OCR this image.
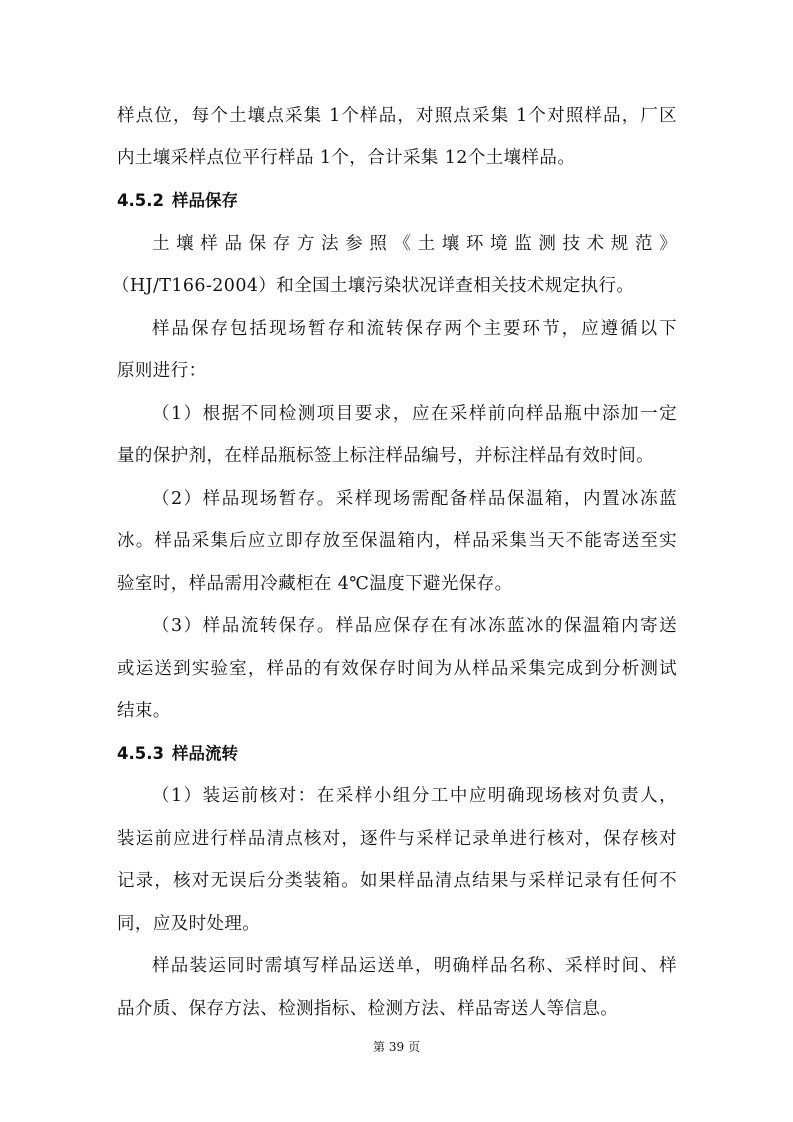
样点位，每个土壤点采集 1个样品，对照点采集 1个对照样品，厂区
内土壤采样点位平行样品 1个，合计采集 12个土壤样品。
4.5.2 样品保存
土壤样品保存方法参照《土壤环境监测技术规范》
（HJ/T166-2004）和全国土壤污染状况详查相关技术规定执行。
样品保存包括现场暂存和流转保存两个主要环节，应遵循以下
原则进行：
（1）根据不同检测项目要求，应在采样前向样品瓶中添加一定
量的保护剂，在样品瓶标签上标注样品编号，并标注样品有效时间。
（2）样品现场暂存。采样现场需配备样品保温箱，内置冰冻蓝
冰。样品采集后应立即存放至保温箱内，样品采集当天不能寄送至实
验室时，样品需用冷藏柜在 4℃温度下避光保存。
（3）样品流转保存。样品应保存在有冰冻蓝冰的保温箱内寄送
或运送到实验室，样品的有效保存时间为从样品采集完成到分析测试
结束。
4.5.3 样品流转
（1）装运前核对：在采样小组分工中应明确现场核对负责人，
装运前应进行样品清点核对，逐件与采样记录单进行核对，保存核对
记录，核对无误后分类装箱。如果样品清点结果与采样记录有任何不
同，应及时处理。
样品装运同时需填写样品运送单，明确样品名称、采样时间、样
品介质、保存方法、检测指标、检测方法、样品寄送人等信息。
第 39 页
